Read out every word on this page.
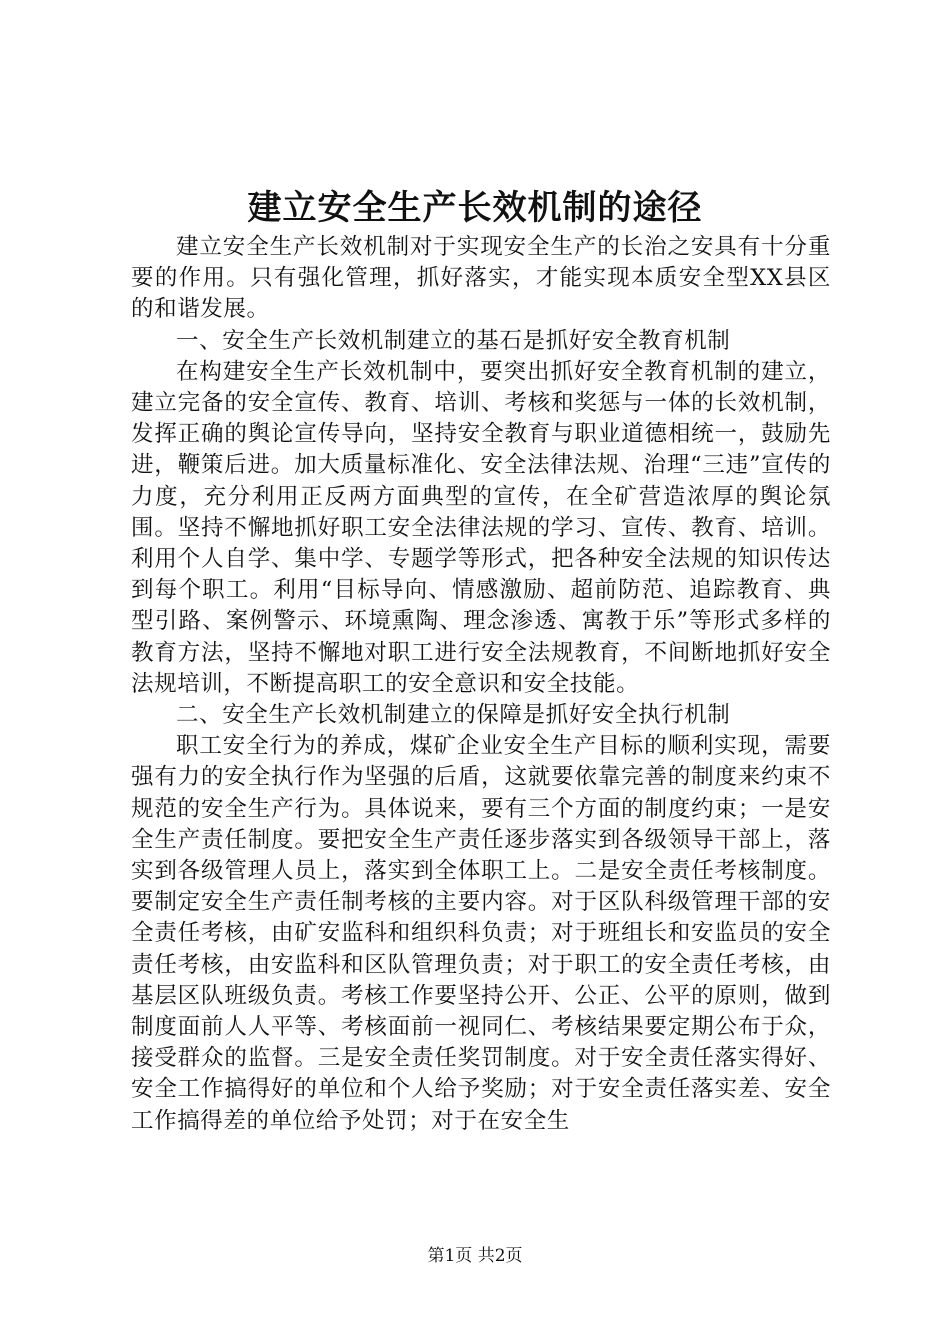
建立安全生产长效机制的途径

建立安全生产长效机制对于实现安全生产的长治之安具有十分重要的作用。只有强化管理，抓好落实，才能实现本质安全型XX县区的和谐发展。

一、安全生产长效机制建立的基石是抓好安全教育机制

在构建安全生产长效机制中，要突出抓好安全教育机制的建立，建立完备的安全宣传、教育、培训、考核和奖惩与一体的长效机制，发挥正确的舆论宣传导向，坚持安全教育与职业道德相统一，鼓励先进，鞭策后进。加大质量标准化、安全法律法规、治理“三违”宣传的力度，充分利用正反两方面典型的宣传，在全矿营造浓厚的舆论氛围。坚持不懈地抓好职工安全法律法规的学习、宣传、教育、培训。利用个人自学、集中学、专题学等形式，把各种安全法规的知识传达到每个职工。利用“目标导向、情感激励、超前防范、追踪教育、典型引路、案例警示、环境熏陶、理念渗透、寓教于乐”等形式多样的教育方法，坚持不懈地对职工进行安全法规教育，不间断地抓好安全法规培训，不断提高职工的安全意识和安全技能。

二、安全生产长效机制建立的保障是抓好安全执行机制

职工安全行为的养成，煤矿企业安全生产目标的顺利实现，需要强有力的安全执行作为坚强的后盾，这就要依靠完善的制度来约束不规范的安全生产行为。具体说来，要有三个方面的制度约束；一是安全生产责任制度。要把安全生产责任逐步落实到各级领导干部上，落实到各级管理人员上，落实到全体职工上。二是安全责任考核制度。要制定安全生产责任制考核的主要内容。对于区队科级管理干部的安全责任考核，由矿安监科和组织科负责；对于班组长和安监员的安全责任考核，由安监科和区队管理负责；对于职工的安全责任考核，由基层区队班级负责。考核工作要坚持公开、公正、公平的原则，做到制度面前人人平等、考核面前一视同仁、考核结果要定期公布于众，接受群众的监督。三是安全责任奖罚制度。对于安全责任落实得好、安全工作搞得好的单位和个人给予奖励；对于安全责任落实差、安全工作搞得差的单位给予处罚；对于在安全生

第1页 共2页
